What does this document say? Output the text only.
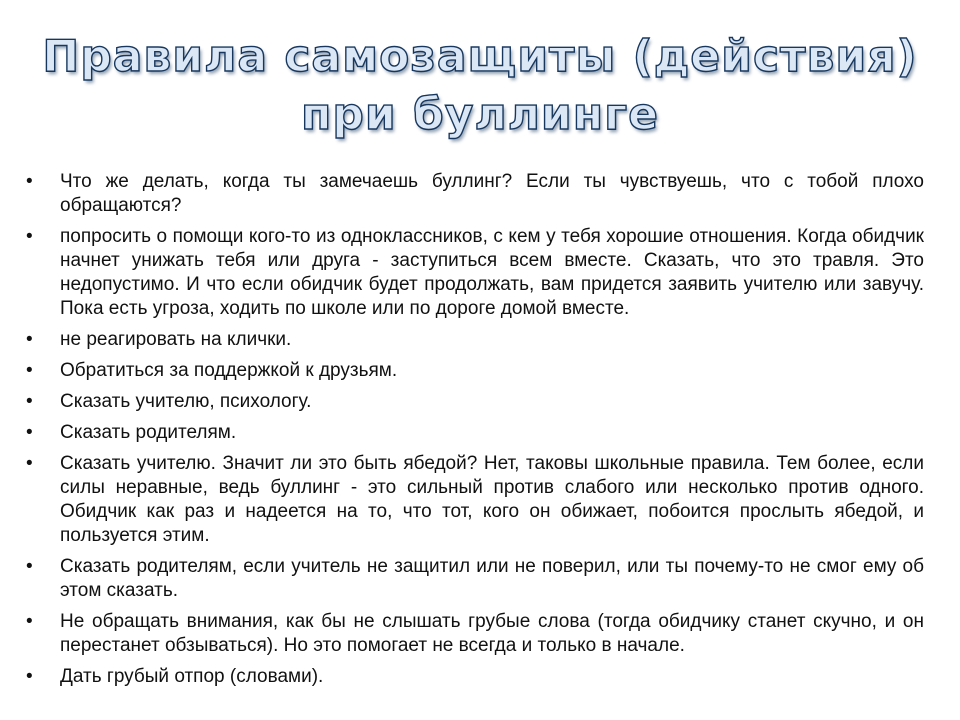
Правила самозащиты (действия)
при буллинге
•	Что же делать, когда ты замечаешь буллинг? Если ты чувствуешь, что с тобой плохо обращаются?
•	попросить о помощи кого-то из одноклассников, с кем у тебя хорошие отношения. Когда обидчик начнет унижать тебя или друга - заступиться всем вместе. Сказать, что это травля. Это недопустимо. И что если обидчик будет продолжать, вам придется заявить учителю или завучу. Пока есть угроза, ходить по школе или по дороге домой вместе.
•	не реагировать на клички.
•	Обратиться за поддержкой к друзьям.
•	Сказать учителю, психологу.
•	Сказать родителям.
•	Сказать учителю. Значит ли это быть ябедой? Нет, таковы школьные правила. Тем более, если силы неравные, ведь буллинг - это сильный против слабого или несколько против одного. Обидчик как раз и надеется на то, что тот, кого он обижает, побоится прослыть ябедой, и пользуется этим.
•	Сказать родителям, если учитель не защитил или не поверил, или ты почему-то не смог ему об этом сказать.
•	Не обращать внимания, как бы не слышать грубые слова (тогда обидчику станет скучно, и он перестанет обзываться). Но это помогает не всегда и только в начале.
•	Дать грубый отпор (словами).
